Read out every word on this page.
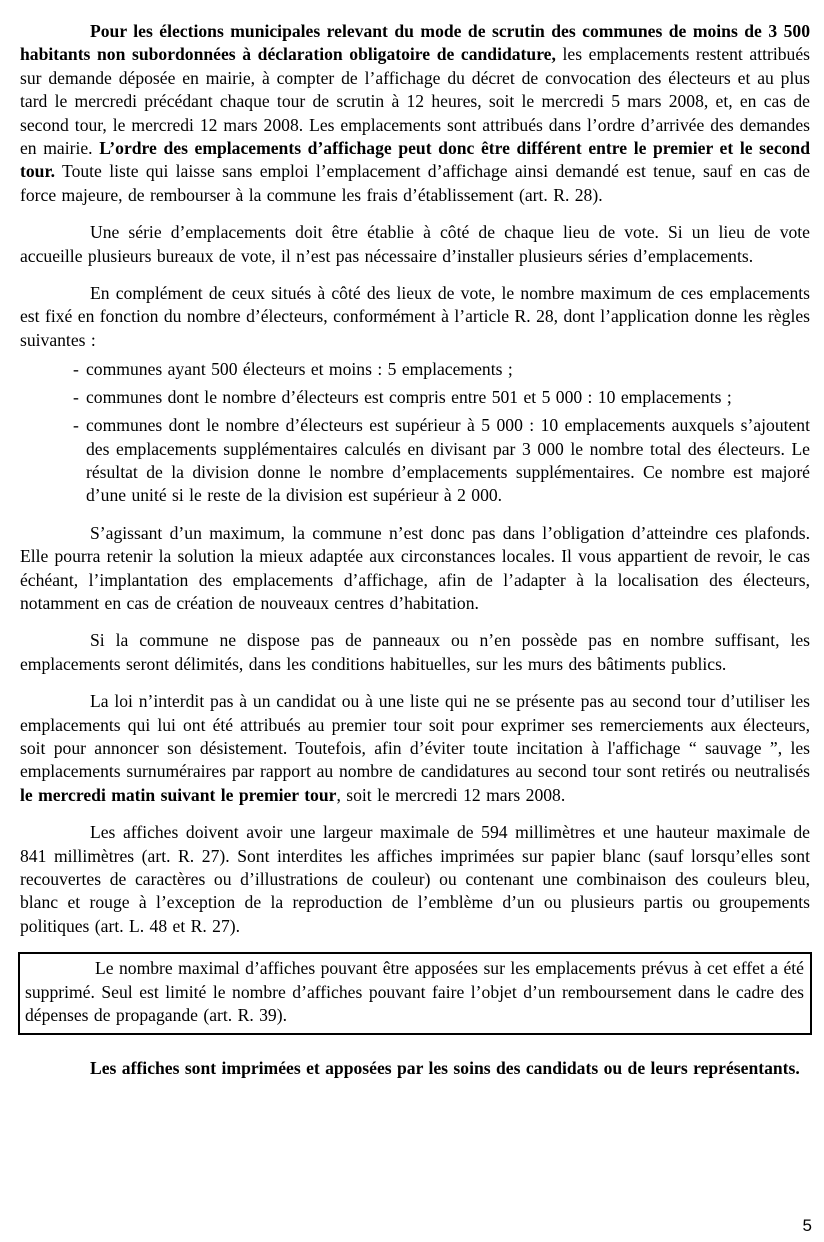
Pour les élections municipales relevant du mode de scrutin des communes de moins de 3 500 habitants non subordonnées à déclaration obligatoire de candidature, les emplacements restent attribués sur demande déposée en mairie, à compter de l’affichage du décret de convocation des électeurs et au plus tard le mercredi précédant chaque tour de scrutin à 12 heures, soit le mercredi 5 mars 2008, et, en cas de second tour, le mercredi 12 mars 2008. Les emplacements sont attribués dans l’ordre d’arrivée des demandes en mairie. L’ordre des emplacements d’affichage peut donc être différent entre le premier et le second tour. Toute liste qui laisse sans emploi l’emplacement d’affichage ainsi demandé est tenue, sauf en cas de force majeure, de rembourser à la commune les frais d’établissement (art. R. 28).

Une série d’emplacements doit être établie à côté de chaque lieu de vote. Si un lieu de vote accueille plusieurs bureaux de vote, il n’est pas nécessaire d’installer plusieurs séries d’emplacements.

En complément de ceux situés à côté des lieux de vote, le nombre maximum de ces emplacements est fixé en fonction du nombre d’électeurs, conformément à l’article R. 28, dont l’application donne les règles suivantes :

- communes ayant 500 électeurs et moins : 5 emplacements ;
- communes dont le nombre d’électeurs est compris entre 501 et 5 000 : 10 emplacements ;
- communes dont le nombre d’électeurs est supérieur à 5 000 : 10 emplacements auxquels s’ajoutent des emplacements supplémentaires calculés en divisant par 3 000 le nombre total des électeurs. Le résultat de la division donne le nombre d’emplacements supplémentaires. Ce nombre est majoré d’une unité si le reste de la division est supérieur à 2 000.

S’agissant d’un maximum, la commune n’est donc pas dans l’obligation d’atteindre ces plafonds. Elle pourra retenir la solution la mieux adaptée aux circonstances locales. Il vous appartient de revoir, le cas échéant, l’implantation des emplacements d’affichage, afin de l’adapter à la localisation des électeurs, notamment en cas de création de nouveaux centres d’habitation.

Si la commune ne dispose pas de panneaux ou n’en possède pas en nombre suffisant, les emplacements seront délimités, dans les conditions habituelles, sur les murs des bâtiments publics.

La loi n’interdit pas à un candidat ou à une liste qui ne se présente pas au second tour d’utiliser les emplacements qui lui ont été attribués au premier tour soit pour exprimer ses remerciements aux électeurs, soit pour annoncer son désistement. Toutefois, afin d’éviter toute incitation à l'affichage “ sauvage ”, les emplacements surnuméraires par rapport au nombre de candidatures au second tour sont retirés ou neutralisés le mercredi matin suivant le premier tour, soit le mercredi 12 mars 2008.

Les affiches doivent avoir une largeur maximale de 594 millimètres et une hauteur maximale de 841 millimètres (art. R. 27). Sont interdites les affiches imprimées sur papier blanc (sauf lorsqu’elles sont recouvertes de caractères ou d’illustrations de couleur) ou contenant une combinaison des couleurs bleu, blanc et rouge à l’exception de la reproduction de l’emblème d’un ou plusieurs partis ou groupements politiques (art. L. 48 et R. 27).

Le nombre maximal d’affiches pouvant être apposées sur les emplacements prévus à cet effet a été supprimé. Seul est limité le nombre d’affiches pouvant faire l’objet d’un remboursement dans le cadre des dépenses de propagande (art. R. 39).

Les affiches sont imprimées et apposées par les soins des candidats ou de leurs représentants.

5
